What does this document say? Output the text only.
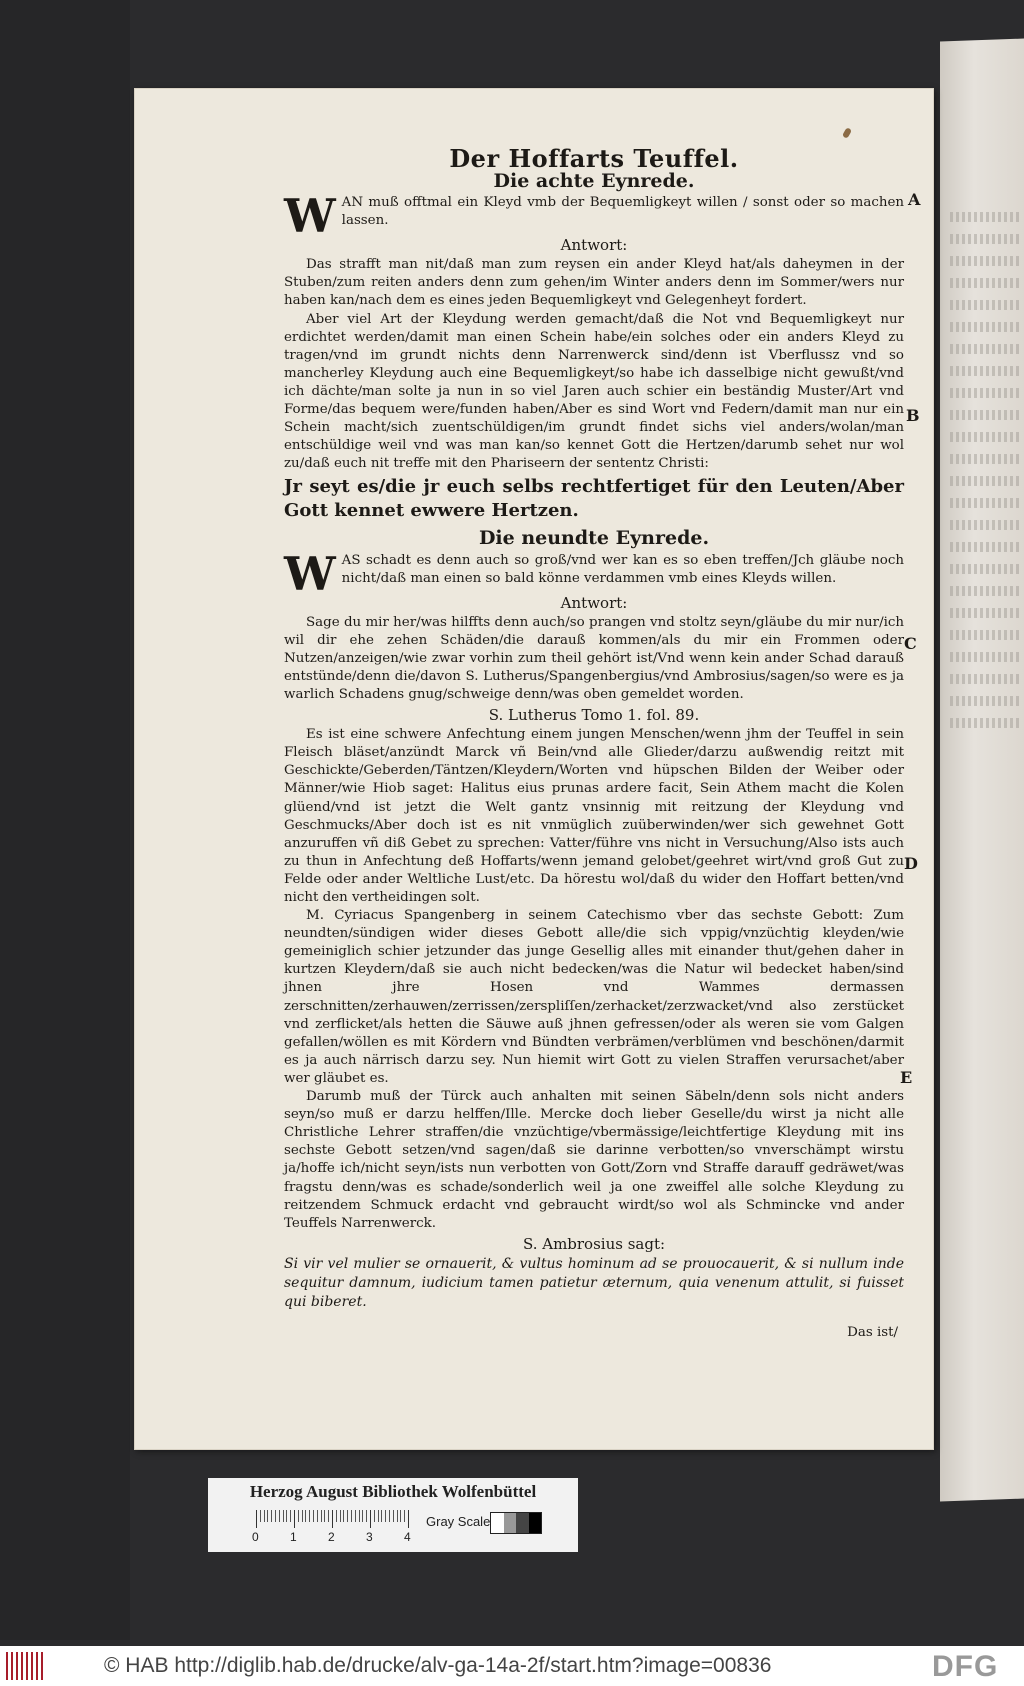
Der Hoffarts Teuffel.
Die achte Eynrede.

WAN muß offtmal ein Kleyd vmb der Bequemligkeyt willen / sonst oder so machen lassen.

Antwort:

Das strafft man nit/daß man zum reysen ein ander Kleyd hat/als daheymen in der Stuben/zum reiten anders denn zum gehen/im Winter anders denn im Sommer/wers nur haben kan/nach dem es eines jeden Bequemligkeyt vnd Gelegenheyt fordert.

Aber viel Art der Kleydung werden gemacht/daß die Not vnd Bequemligkeyt nur erdichtet werden/damit man einen Schein habe/ein solches oder ein anders Kleyd zu tragen/vnd im grundt nichts denn Narrenwerck sind/denn ist Vberflussz vnd so mancherley Kleydung auch eine Bequemligkeyt/so habe ich dasselbige nicht gewußt/vnd ich dächte/man solte ja nun in so viel Jaren auch schier ein beständig Muster/Art vnd Forme/das bequem were/funden haben/Aber es sind Wort vnd Federn/damit man nur ein Schein macht/sich zuentschüldigen/im grundt findet sichs viel anders/wolan/man entschüldige weil vnd was man kan/so kennet Gott die Hertzen/darumb sehet nur wol zu/daß euch nit treffe mit den Phariseern der sententz Christi:

Jr seyt es/die jr euch selbs rechtfertiget für den Leuten/Aber Gott kennet ewwere Hertzen.

Die neundte Eynrede.

WAS schadt es denn auch so groß/vnd wer kan es so eben treffen/Jch gläube noch nicht/daß man einen so bald könne verdammen vmb eines Kleyds willen.

Antwort:

Sage du mir her/was hilffts denn auch/so prangen vnd stoltz seyn/gläube du mir nur/ich wil dir ehe zehen Schäden/die darauß kommen/als du mir ein Frommen oder Nutzen/anzeigen/wie zwar vorhin zum theil gehört ist/Vnd wenn kein ander Schad darauß entstünde/denn die/davon S. Lutherus/Spangenbergius/vnd Ambrosius/sagen/so were es ja warlich Schadens gnug/schweige denn/was oben gemeldet worden.

S. Lutherus Tomo 1. fol. 89.

Es ist eine schwere Anfechtung einem jungen Menschen/wenn jhm der Teuffel in sein Fleisch bläset/anzündt Marck vñ Bein/vnd alle Glieder/darzu außwendig reitzt mit Geschickte/Geberden/Täntzen/Kleydern/Worten vnd hüpschen Bilden der Weiber oder Männer/wie Hiob saget: Halitus eius prunas ardere facit, Sein Athem macht die Kolen glüend/vnd ist jetzt die Welt gantz vnsinnig mit reitzung der Kleydung vnd Geschmucks/Aber doch ist es nit vnmüglich zuüberwinden/wer sich gewehnet Gott anzuruffen vñ diß Gebet zu sprechen: Vatter/führe vns nicht in Versuchung/Also ists auch zu thun in Anfechtung deß Hoffarts/wenn jemand gelobet/geehret wirt/vnd groß Gut zu Felde oder ander Weltliche Lust/etc. Da hörestu wol/daß du wider den Hoffart betten/vnd nicht den vertheidingen solt.

M. Cyriacus Spangenberg in seinem Catechismo vber das sechste Gebott: Zum neundten/sündigen wider dieses Gebott alle/die sich vppig/vnzüchtig kleyden/wie gemeiniglich schier jetzunder das junge Gesellig alles mit einander thut/gehen daher in kurtzen Kleydern/daß sie auch nicht bedecken/was die Natur wil bedecket haben/sind jhnen jhre Hosen vnd Wammes dermassen zerschnitten/zerhauwen/zerrissen/zerspliſſen/zerhacket/zerzwacket/vnd also zerstücket vnd zerflicket/als hetten die Säuwe auß jhnen gefressen/oder als weren sie vom Galgen gefallen/wöllen es mit Kördern vnd Bündten verbrämen/verblümen vnd beschönen/darmit es ja auch närrisch darzu sey. Nun hiemit wirt Gott zu vielen Straffen verursachet/aber wer gläubet es.

Darumb muß der Türck auch anhalten mit seinen Säbeln/denn sols nicht anders seyn/so muß er darzu helffen/Ille. Mercke doch lieber Geselle/du wirst ja nicht alle Christliche Lehrer straffen/die vnzüchtige/vbermässige/leichtfertige Kleydung mit ins sechste Gebott setzen/vnd sagen/daß sie darinne verbotten/so vnverschämpt wirstu ja/hoffe ich/nicht seyn/ists nun verbotten von Gott/Zorn vnd Straffe darauff gedräwet/was fragstu denn/was es schade/sonderlich weil ja one zweiffel alle solche Kleydung zu reitzendem Schmuck erdacht vnd gebraucht wirdt/so wol als Schmincke vnd ander Teuffels Narrenwerck.

S. Ambrosius sagt:

Si vir vel mulier se ornauerit, & vultus hominum ad se prouocauerit, & si nullum inde sequitur damnum, iudicium tamen patietur æternum, quia venenum attulit, si fuisset qui biberet.

Das ist/
A
B
C
D
E
Herzog August Bibliothek Wolfenbüttel
0	1	2	3	4
Gray Scale
© HAB http://diglib.hab.de/drucke/alv-ga-14a-2f/start.htm?image=00836	DFG
